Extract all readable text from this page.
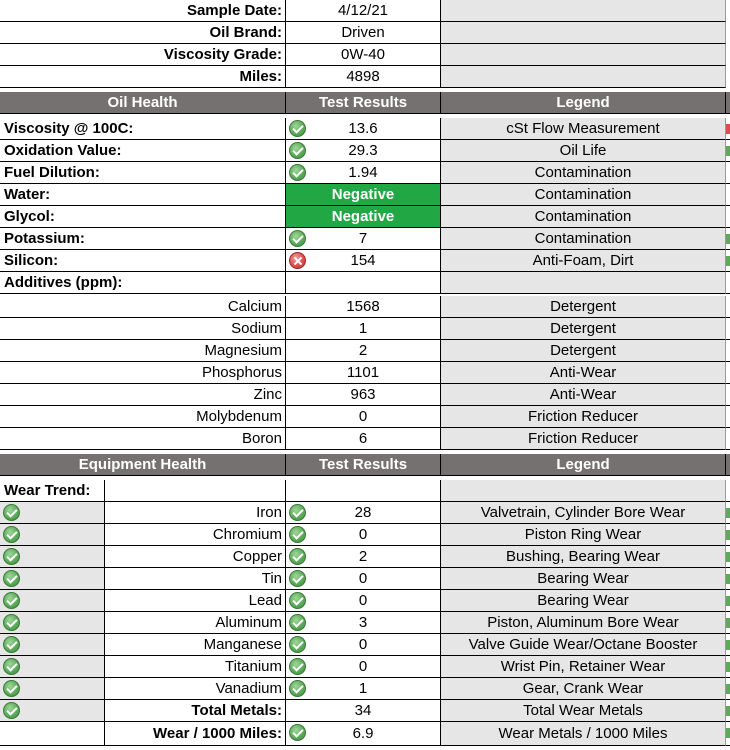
Sample Date:	4/12/21
Oil Brand:	Driven
Viscosity Grade:	0W-40
Miles:	4898
Oil Health	Test Results	Legend
Viscosity @ 100C:	13.6	cSt Flow Measurement
Oxidation Value:	29.3	Oil Life
Fuel Dilution:	1.94	Contamination
Water:	Negative	Contamination
Glycol:	Negative	Contamination
Potassium:	7	Contamination
Silicon:	154	Anti-Foam, Dirt
Additives (ppm):
Calcium	1568	Detergent
Sodium	1	Detergent
Magnesium	2	Detergent
Phosphorus	1101	Anti-Wear
Zinc	963	Anti-Wear
Molybdenum	0	Friction Reducer
Boron	6	Friction Reducer
Equipment Health	Test Results	Legend
Wear Trend:
Iron	28	Valvetrain, Cylinder Bore Wear
Chromium	0	Piston Ring Wear
Copper	2	Bushing, Bearing Wear
Tin	0	Bearing Wear
Lead	0	Bearing Wear
Aluminum	3	Piston, Aluminum Bore Wear
Manganese	0	Valve Guide Wear/Octane Booster
Titanium	0	Wrist Pin, Retainer Wear
Vanadium	1	Gear, Crank Wear
Total Metals:	34	Total Wear Metals
Wear / 1000 Miles:	6.9	Wear Metals / 1000 Miles
